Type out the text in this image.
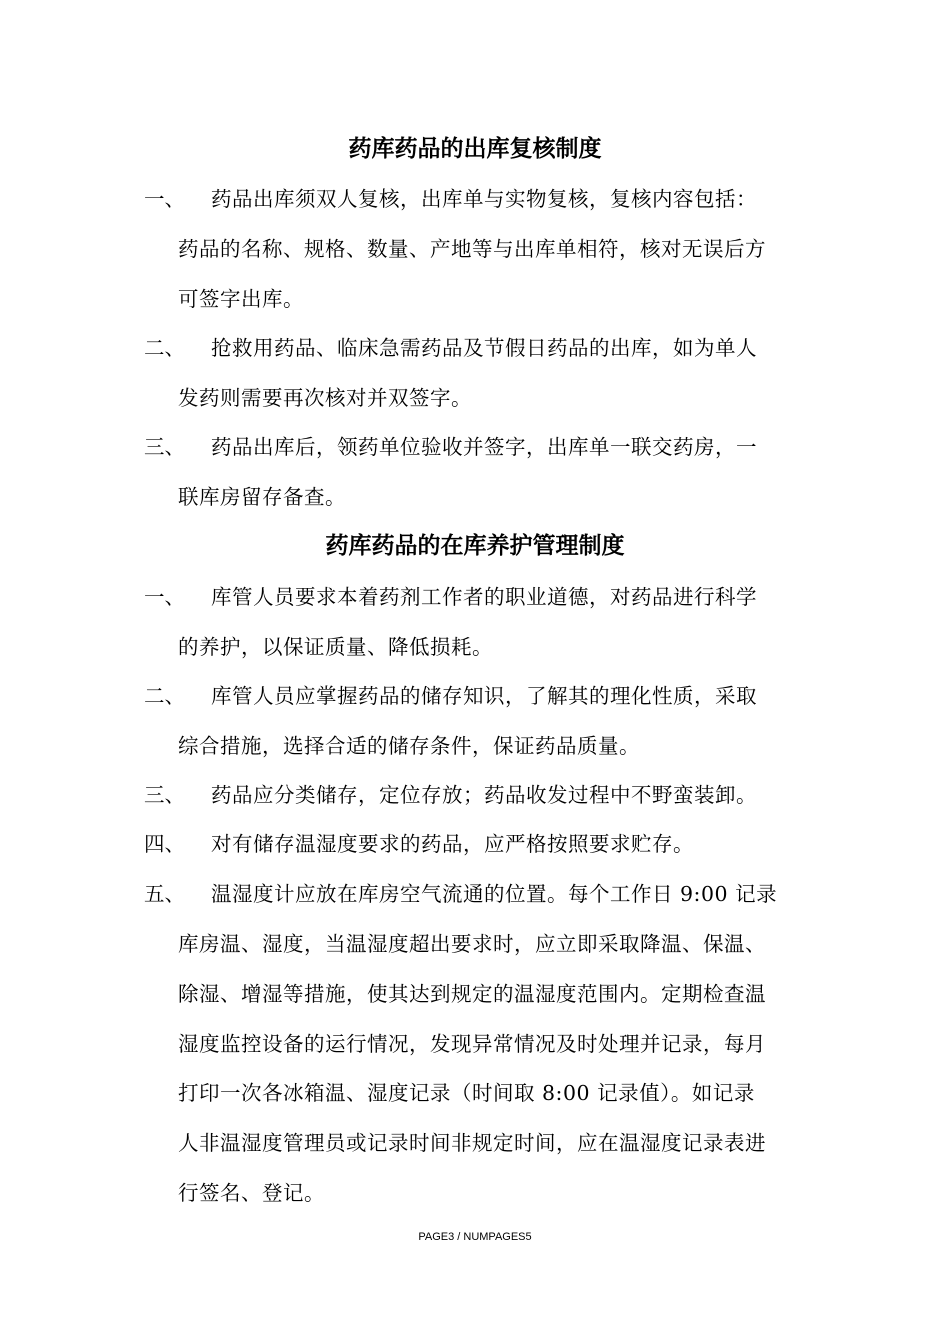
药库药品的出库复核制度
一、 药品出库须双人复核，出库单与实物复核，复核内容包括：
药品的名称、规格、数量、产地等与出库单相符，核对无误后方
可签字出库。
二、 抢救用药品、临床急需药品及节假日药品的出库，如为单人
发药则需要再次核对并双签字。
三、 药品出库后，领药单位验收并签字，出库单一联交药房，一
联库房留存备查。
药库药品的在库养护管理制度
一、 库管人员要求本着药剂工作者的职业道德，对药品进行科学
的养护，以保证质量、降低损耗。
二、 库管人员应掌握药品的储存知识，了解其的理化性质，采取
综合措施，选择合适的储存条件，保证药品质量。
三、 药品应分类储存，定位存放；药品收发过程中不野蛮装卸。
四、 对有储存温湿度要求的药品，应严格按照要求贮存。
五、 温湿度计应放在库房空气流通的位置。每个工作日 9:00 记录
库房温、湿度，当温湿度超出要求时，应立即采取降温、保温、
除湿、增湿等措施，使其达到规定的温湿度范围内。定期检查温
湿度监控设备的运行情况，发现异常情况及时处理并记录，每月
打印一次各冰箱温、湿度记录（时间取 8:00 记录值）。如记录
人非温湿度管理员或记录时间非规定时间，应在温湿度记录表进
行签名、登记。
PAGE3 / NUMPAGES5
